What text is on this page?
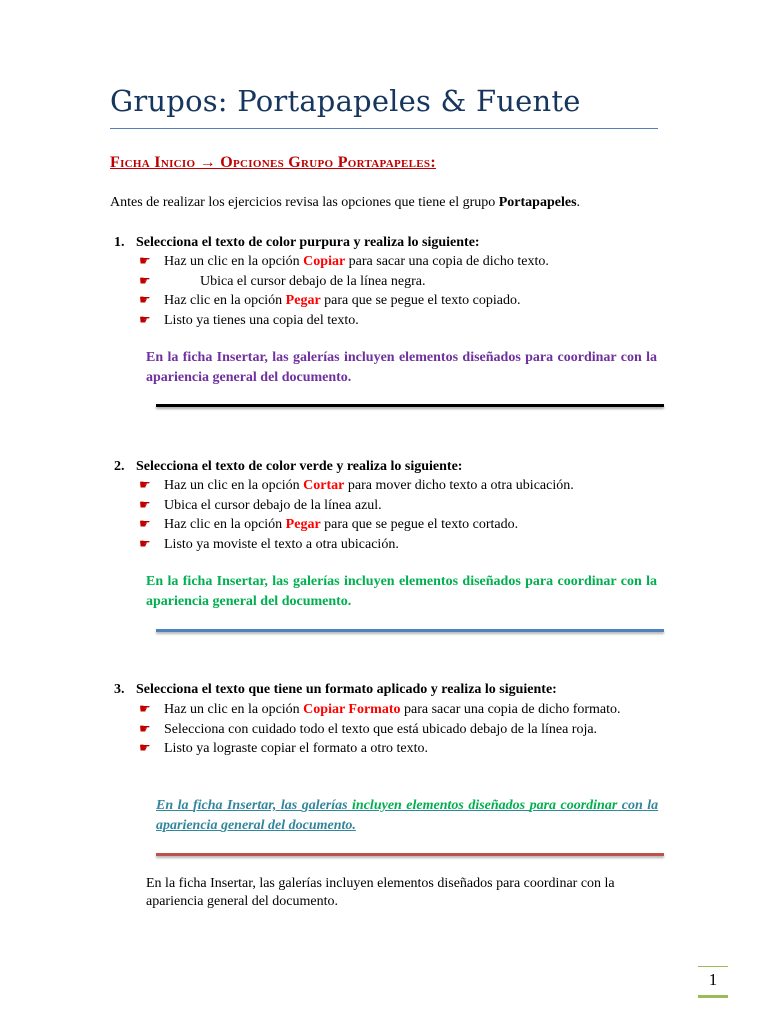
Grupos: Portapapeles & Fuente

Ficha Inicio → Opciones Grupo Portapapeles:

Antes de realizar los ejercicios revisa las opciones que tiene el grupo Portapapeles.

1. Selecciona el texto de color purpura y realiza lo siguiente:

☛ Haz un clic en la opción Copiar para sacar una copia de dicho texto.
☛	Ubica el cursor debajo de la línea negra.
☛ Haz clic en la opción Pegar para que se pegue el texto copiado.
☛ Listo ya tienes una copia del texto.

En la ficha Insertar, las galerías incluyen elementos diseñados para coordinar con la apariencia general del documento.

2. Selecciona el texto de color verde y realiza lo siguiente:

☛ Haz un clic en la opción Cortar para mover dicho texto a otra ubicación.
☛ Ubica el cursor debajo de la línea azul.
☛ Haz clic en la opción Pegar para que se pegue el texto cortado.
☛ Listo ya moviste el texto a otra ubicación.

En la ficha Insertar, las galerías incluyen elementos diseñados para coordinar con la apariencia general del documento.

3. Selecciona el texto que tiene un formato aplicado y realiza lo siguiente:

☛ Haz un clic en la opción Copiar Formato para sacar una copia de dicho formato.
☛ Selecciona con cuidado todo el texto que está ubicado debajo de la línea roja.
☛ Listo ya lograste copiar el formato a otro texto.

En la ficha Insertar, las galerías incluyen elementos diseñados para coordinar con la apariencia general del documento.

En la ficha Insertar, las galerías incluyen elementos diseñados para coordinar con la apariencia general del documento.

1
